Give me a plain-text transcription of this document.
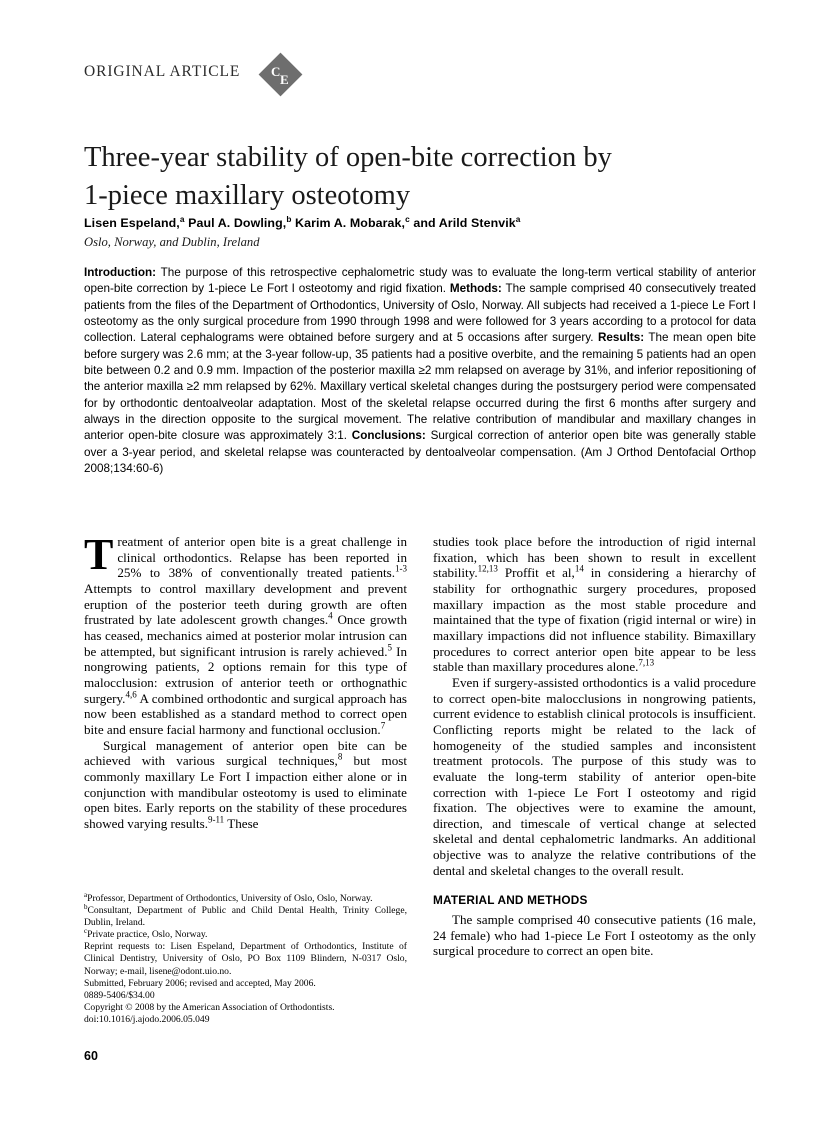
ORIGINAL ARTICLE C
E
Three-year stability of open-bite correction by
1-piece maxillary osteotomy
Lisen Espeland,$^a$ Paul A. Dowling,$^b$ Karim A. Mobarak,$^c$ and Arild Stenvik$^a$
Oslo, Norway, and Dublin, Ireland
Introduction: The purpose of this retrospective cephalometric study was to evaluate the long-term vertical stability of anterior open-bite correction by 1-piece Le Fort I osteotomy and rigid fixation. Methods: The sample comprised 40 consecutively treated patients from the files of the Department of Orthodontics, University of Oslo, Norway. All subjects had received a 1-piece Le Fort I osteotomy as the only surgical procedure from 1990 through 1998 and were followed for 3 years according to a protocol for data collection. Lateral cephalograms were obtained before surgery and at 5 occasions after surgery. Results: The mean open bite before surgery was 2.6 mm; at the 3-year follow-up, 35 patients had a positive overbite, and the remaining 5 patients had an open bite between 0.2 and 0.9 mm. Impaction of the posterior maxilla ≥2 mm relapsed on average by 31%, and inferior repositioning of the anterior maxilla ≥2 mm relapsed by 62%. Maxillary vertical skeletal changes during the postsurgery period were compensated for by orthodontic dentoalveolar adaptation. Most of the skeletal relapse occurred during the first 6 months after surgery and always in the direction opposite to the surgical movement. The relative contribution of mandibular and maxillary changes in anterior open-bite closure was approximately 3:1. Conclusions: Surgical correction of anterior open bite was generally stable over a 3-year period, and skeletal relapse was counteracted by dentoalveolar compensation. (Am J Orthod Dentofacial Orthop 2008;134:60-6)

Treatment of anterior open bite is a great challenge in clinical orthodontics. Relapse has been reported in 25% to 38% of conventionally treated patients.$^{1-3}$ Attempts to control maxillary development and prevent eruption of the posterior teeth during growth are often frustrated by late adolescent growth changes.$^4$ Once growth has ceased, mechanics aimed at posterior molar intrusion can be attempted, but significant intrusion is rarely achieved.$^5$ In nongrowing patients, 2 options remain for this type of malocclusion: extrusion of anterior teeth or orthognathic surgery.$^{4,6}$ A combined orthodontic and surgical approach has now been established as a standard method to correct open bite and ensure facial harmony and functional occlusion.$^7$

Surgical management of anterior open bite can be achieved with various surgical techniques,$^8$ but most commonly maxillary Le Fort I impaction either alone or in conjunction with mandibular osteotomy is used to eliminate open bites. Early reports on the stability of these procedures showed varying results.$^{9-11}$ These

studies took place before the introduction of rigid internal fixation, which has been shown to result in excellent stability.$^{12,13}$ Proffit et al,$^{14}$ in considering a hierarchy of stability for orthognathic surgery procedures, proposed maxillary impaction as the most stable procedure and maintained that the type of fixation (rigid internal or wire) in maxillary impactions did not influence stability. Bimaxillary procedures to correct anterior open bite appear to be less stable than maxillary procedures alone.$^{7,13}$

Even if surgery-assisted orthodontics is a valid procedure to correct open-bite malocclusions in nongrowing patients, current evidence to establish clinical protocols is insufficient. Conflicting reports might be related to the lack of homogeneity of the studied samples and inconsistent treatment protocols. The purpose of this study was to evaluate the long-term stability of anterior open-bite correction with 1-piece Le Fort I osteotomy and rigid fixation. The objectives were to examine the amount, direction, and timescale of vertical change at selected skeletal and dental cephalometric landmarks. An additional objective was to analyze the relative contributions of the dental and skeletal changes to the overall result.

MATERIAL AND METHODS

The sample comprised 40 consecutive patients (16 male, 24 female) who had 1-piece Le Fort I osteotomy as the only surgical procedure to correct an open bite.

$^a$Professor, Department of Orthodontics, University of Oslo, Oslo, Norway.

$^b$Consultant, Department of Public and Child Dental Health, Trinity College, Dublin, Ireland.

$^c$Private practice, Oslo, Norway.

Reprint requests to: Lisen Espeland, Department of Orthodontics, Institute of Clinical Dentistry, University of Oslo, PO Box 1109 Blindern, N-0317 Oslo, Norway; e-mail, lisene@odont.uio.no.

Submitted, February 2006; revised and accepted, May 2006.

0889-5406/$34.00

Copyright © 2008 by the American Association of Orthodontists.

doi:10.1016/j.ajodo.2006.05.049

60
